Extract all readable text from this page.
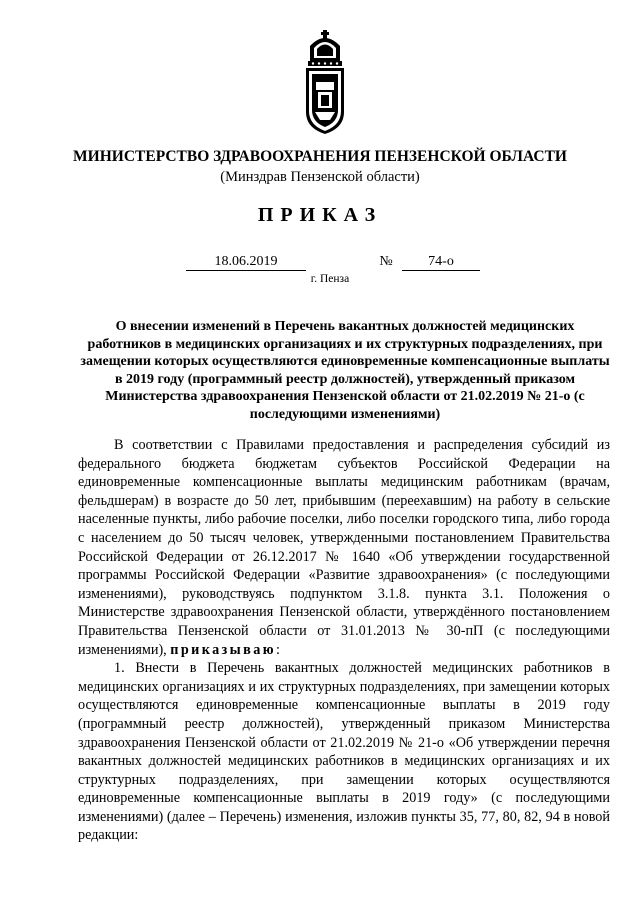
МИНИСТЕРСТВО ЗДРАВООХРАНЕНИЯ ПЕНЗЕНСКОЙ ОБЛАСТИ
(Минздрав Пензенской области)
ПРИКАЗ
18.06.2019	№	74-о
г. Пенза
О внесении изменений в Перечень вакантных должностей медицинских работников в медицинских организациях и их структурных подразделениях, при замещении которых осуществляются единовременные компенсационные выплаты в 2019 году (программный реестр должностей), утвержденный приказом Министерства здравоохранения Пензенской области от 21.02.2019 № 21-о (с последующими изменениями)

В соответствии с Правилами предоставления и распределения субсидий из федерального бюджета бюджетам субъектов Российской Федерации на единовременные компенсационные выплаты медицинским работникам (врачам, фельдшерам) в возрасте до 50 лет, прибывшим (переехавшим) на работу в сельские населенные пункты, либо рабочие поселки, либо поселки городского типа, либо города с населением до 50 тысяч человек, утвержденными постановлением Правительства Российской Федерации от 26.12.2017 № 1640 «Об утверждении государственной программы Российской Федерации «Развитие здравоохранения» (с последующими изменениями), руководствуясь подпунктом 3.1.8. пункта 3.1. Положения о Министерстве здравоохранения Пензенской области, утверждённого постановлением Правительства Пензенской области от 31.01.2013 № 30-пП (с последующими изменениями), приказываю:

1. Внести в Перечень вакантных должностей медицинских работников в медицинских организациях и их структурных подразделениях, при замещении которых осуществляются единовременные компенсационные выплаты в 2019 году (программный реестр должностей), утвержденный приказом Министерства здравоохранения Пензенской области от 21.02.2019 № 21-о «Об утверждении перечня вакантных должностей медицинских работников в медицинских организациях и их структурных подразделениях, при замещении которых осуществляются единовременные компенсационные выплаты в 2019 году» (с последующими изменениями) (далее – Перечень) изменения, изложив пункты 35, 77, 80, 82, 94 в новой редакции:
